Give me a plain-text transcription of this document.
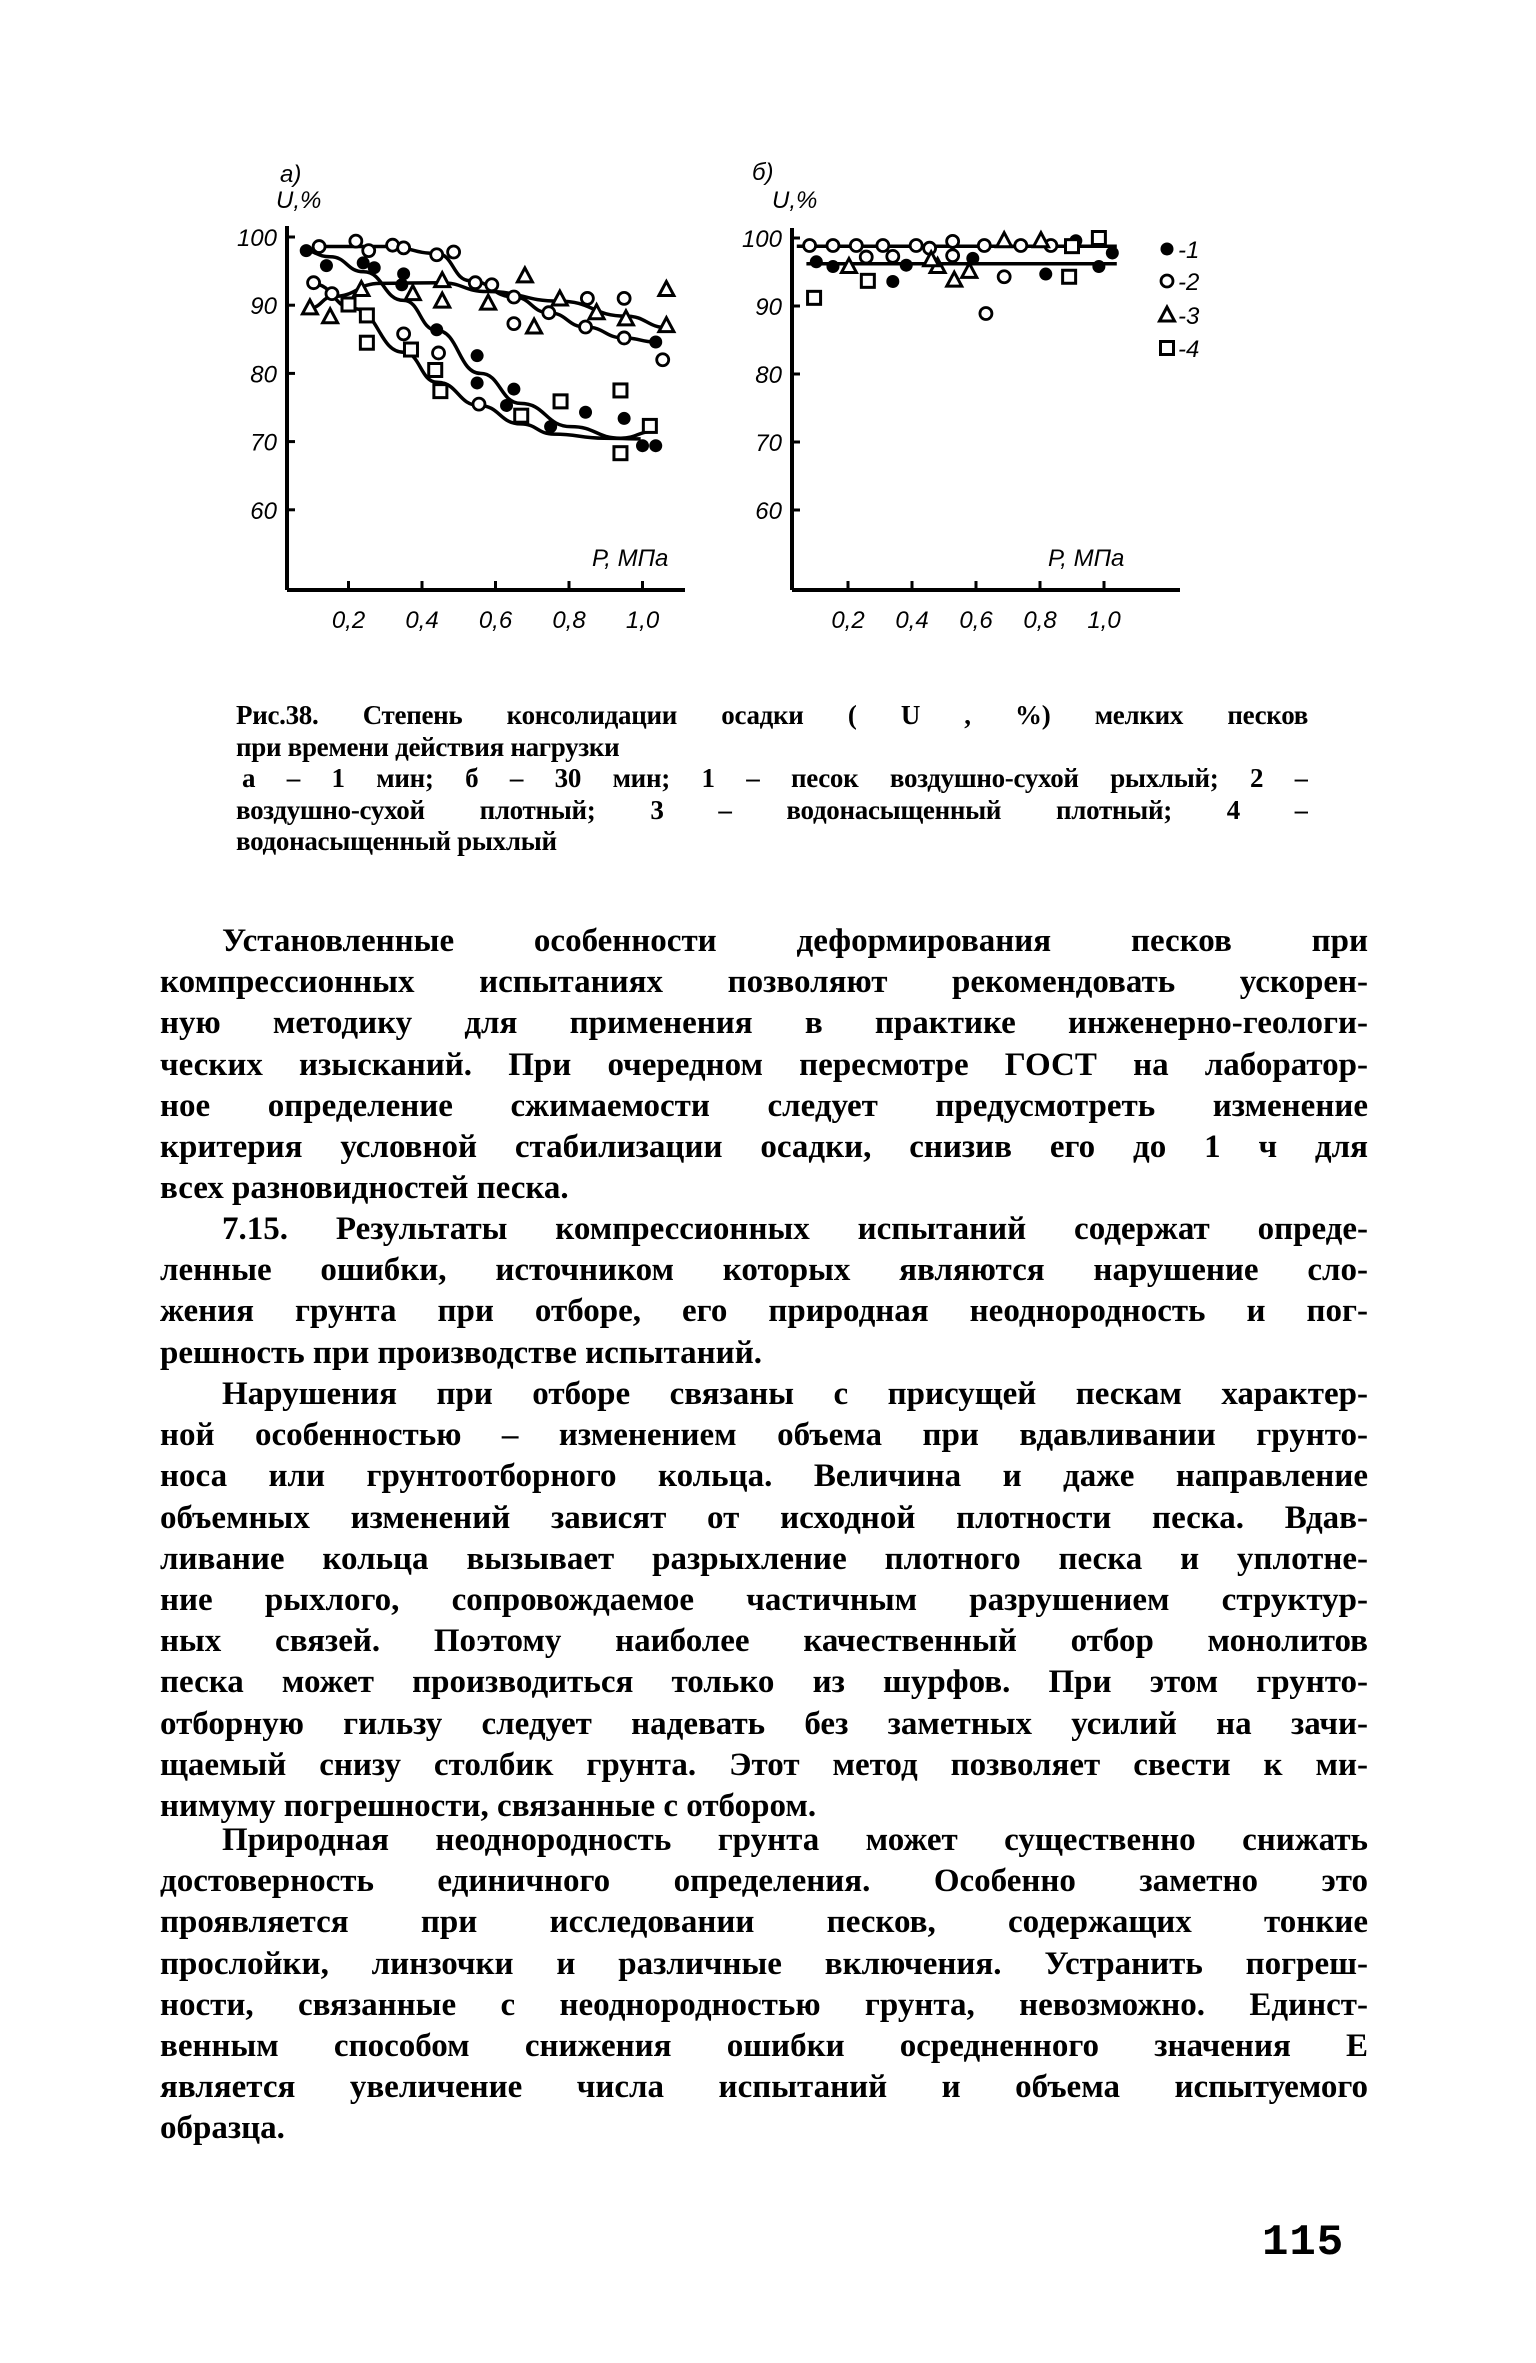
100
90
80
70
60
0,2 0,4 0,6 0,8 1,0
а)
U,%
Р, МПа
100
90
80
70
60
0,2 0,4 0,6 0,8 1,0
б)
U,%
Р, МПа
-1
-2
-3
-4
Рис.38. Степень консолидации осадки ( U , %) мелких песков
при времени действия нагрузки
а – 1 мин; б – 30 мин; 1 – песок воздушно-сухой рыхлый; 2 –
воздушно-сухой плотный; 3 – водонасыщенный плотный; 4 –
водонасыщенный рыхлый
Установленные особенности деформирования песков при
компрессионных испытаниях позволяют рекомендовать ускорен-
ную методику для применения в практике инженерно-геологи-
ческих изысканий. При очередном пересмотре ГОСТ на лаборатор-
ное определение сжимаемости следует предусмотреть изменение
критерия условной стабилизации осадки, снизив его до 1 ч для
всех разновидностей песка.
7.15. Результаты компрессионных испытаний содержат опреде-
ленные ошибки, источником которых являются нарушение сло-
жения грунта при отборе, его природная неоднородность и пог-
решность при производстве испытаний.
Нарушения при отборе связаны с присущей пескам характер-
ной особенностью – изменением объема при вдавливании грунто-
носа или грунтоотборного кольца. Величина и даже направление
объемных изменений зависят от исходной плотности песка. Вдав-
ливание кольца вызывает разрыхление плотного песка и уплотне-
ние рыхлого, сопровождаемое частичным разрушением структур-
ных связей. Поэтому наиболее качественный отбор монолитов
песка может производиться только из шурфов. При этом грунто-
отборную гильзу следует надевать без заметных усилий на зачи-
щаемый снизу столбик грунта. Этот метод позволяет свести к ми-
нимуму погрешности, связанные с отбором.
Природная неоднородность грунта может существенно снижать
достоверность единичного определения. Особенно заметно это
проявляется при исследовании песков, содержащих тонкие
прослойки, линзочки и различные включения. Устранить погреш-
ности, связанные с неоднородностью грунта, невозможно. Единст-
венным способом снижения ошибки осредненного значения Е
является увеличение числа испытаний и объема испытуемого
образца.
115
